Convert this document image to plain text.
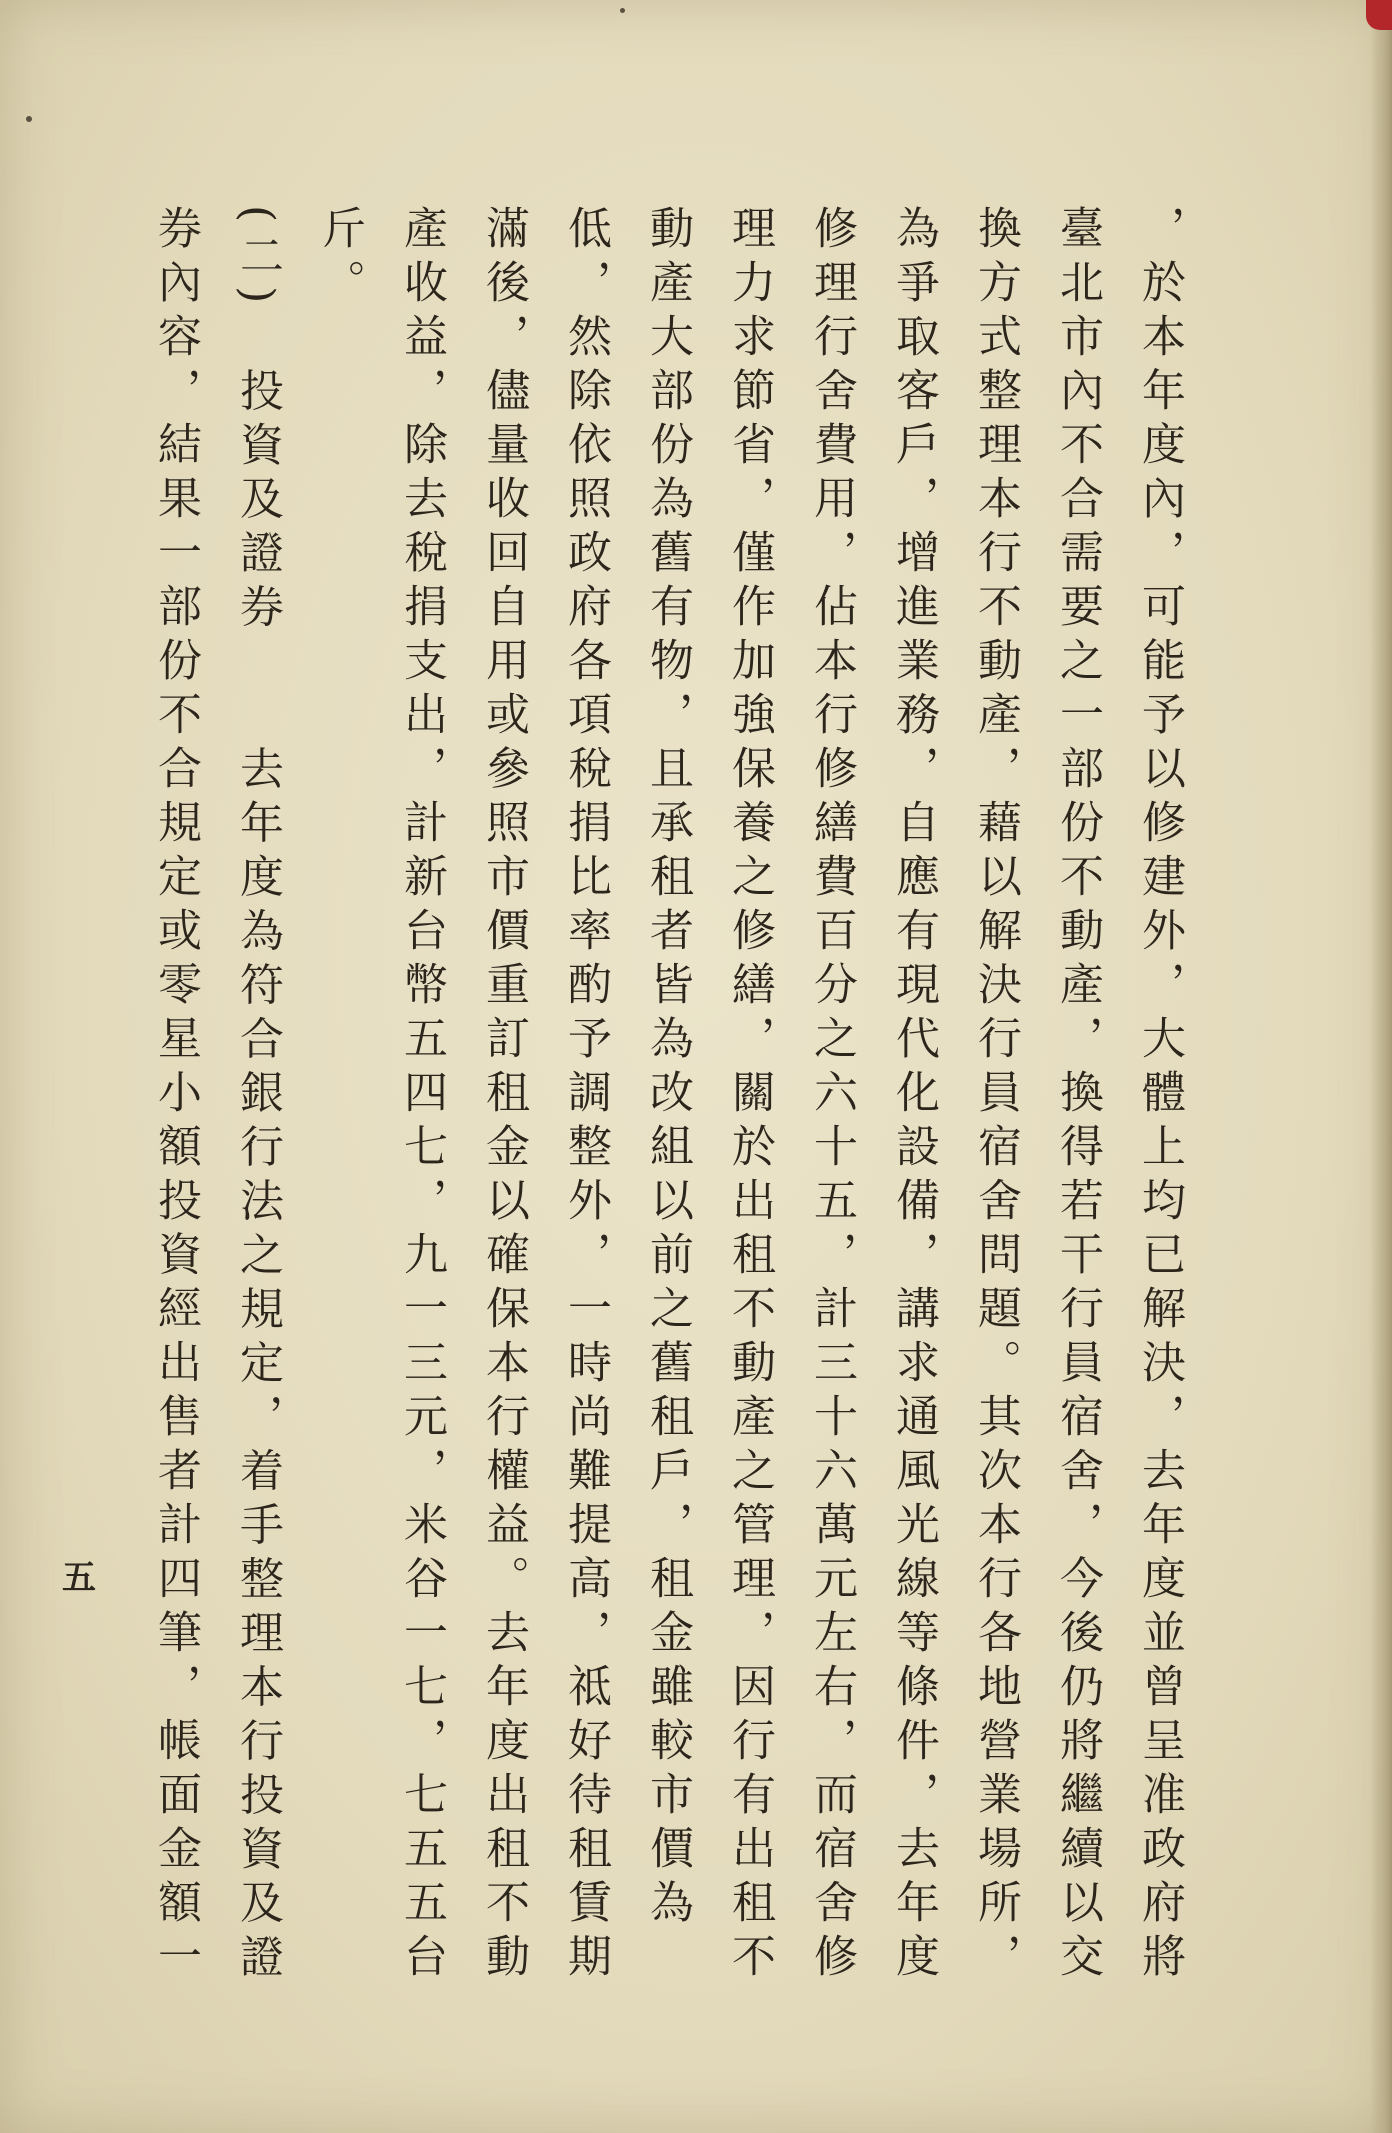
，於本年度內，可能予以修建外，大體上均已解決，去年度並曾呈准政府將臺北市內不合需要之一部份不動產，換得若干行員宿舍，今後仍將繼續以交換方式整理本行不動產，藉以解決行員宿舍問題。其次本行各地營業場所，為爭取客戶，增進業務，自應有現代化設備，講求通風光線等條件，去年度修理行舍費用，佔本行修繕費百分之六十五，計三十六萬元左右，而宿舍修理力求節省，僅作加強保養之修繕，關於出租不動產之管理，因行有出租不動產大部份為舊有物，且承租者皆為改組以前之舊租戶，租金雖較市價為低，然除依照政府各項稅捐比率酌予調整外，一時尚難提高，祗好待租賃期滿後，儘量收回自用或參照市價重訂租金以確保本行權益。去年度出租不動產收益，除去稅捐支出，計新台幣五四七，九一三元，米谷一七，七五五台斤。

(二)　投資及證券　　去年度為符合銀行法之規定，着手整理本行投資及證券內容，結果一部份不合規定或零星小額投資經出售者計四筆，帳面金額一

五
